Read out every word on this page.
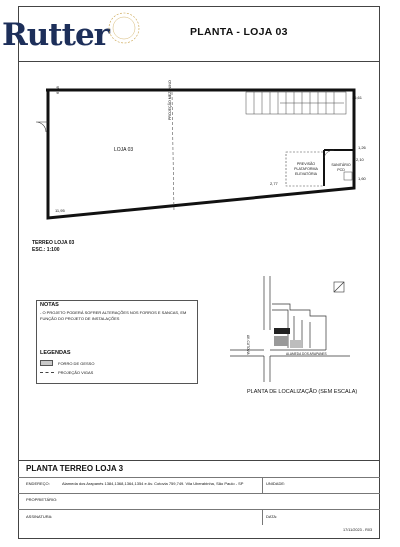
Rutter	PLANTA - LOJA 03
LOJA 03
PROJEÇÃO MEZANINO
PREVISÃO PLATAFORMA ELEVATÓRIA
SANITÁRIO PCD
6,58
16,61
1,26
2,10
1,60
2,77
11,95
TERREO LOJA 03
ESC.: 1:100
NOTAS
- O PROJETO PODERÁ SOFRER ALTERAÇÕES NOS FORROS E SANCAS, EM FUNÇÃO DO PROJETO DE INSTALAÇÕES
LEGENDAS
FORRO DE GESSO
PROJEÇÃO VIGAS
AV. CUTOVIA	ALAMEDA DOS ARAPANES
PLANTA DE LOCALIZAÇÃO (SEM ESCALA)
PLANTA TERREO LOJA 3
ENDEREÇO:	Alameda dos Arapanés 1384,1368,1364,1354 e Av. Cotovia 759,749. Vila Uberabinha, São Paulo - SP	UNIDADE:
PROPRIETÁRIO:
ASSINATURA:	DATA:
17/11/2023 - R03
